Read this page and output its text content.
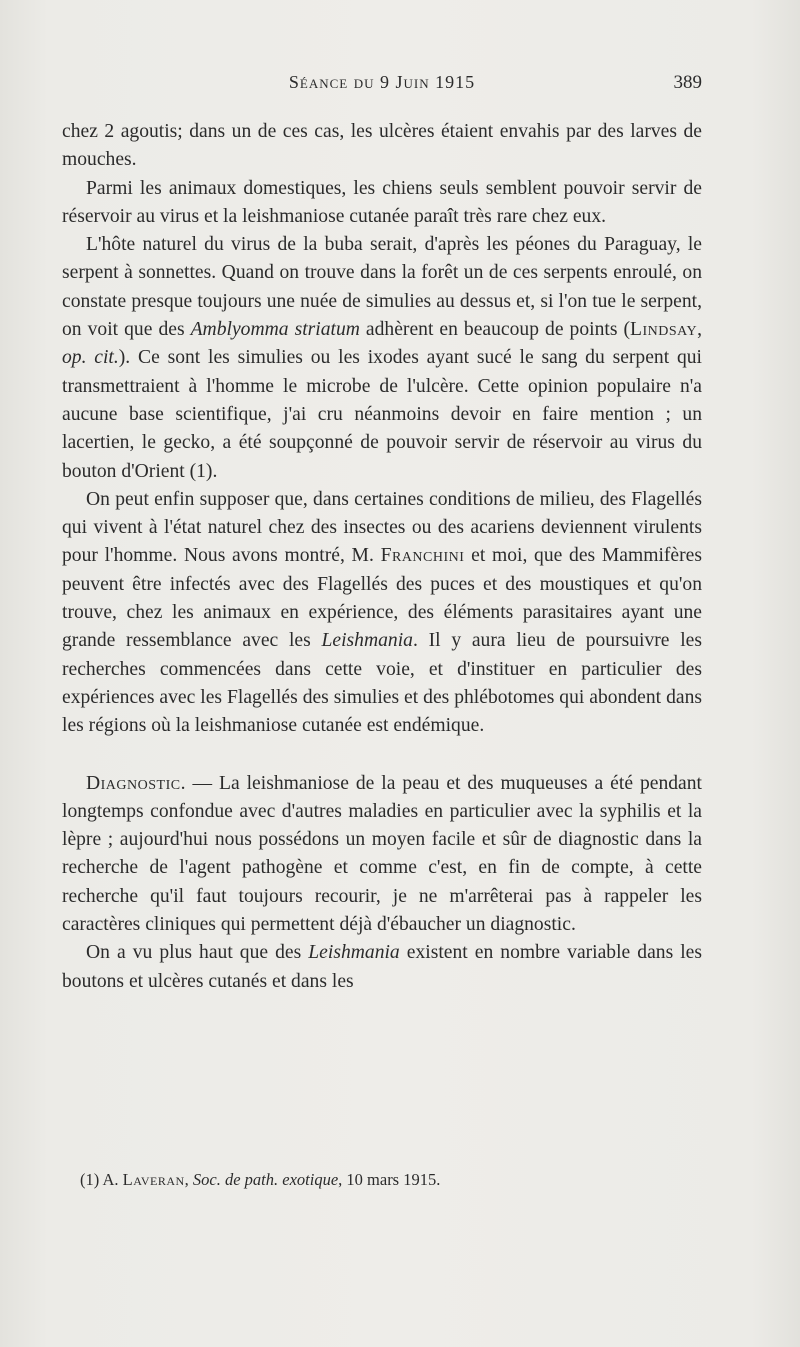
Séance du 9 Juin 1915	389

chez 2 agoutis; dans un de ces cas, les ulcères étaient envahis par des larves de mouches.

Parmi les animaux domestiques, les chiens seuls semblent pouvoir servir de réservoir au virus et la leishmaniose cutanée paraît très rare chez eux.

L'hôte naturel du virus de la buba serait, d'après les péones du Paraguay, le serpent à sonnettes. Quand on trouve dans la forêt un de ces serpents enroulé, on constate presque toujours une nuée de simulies au dessus et, si l'on tue le serpent, on voit que des Amblyomma striatum adhèrent en beaucoup de points (Lindsay, op. cit.). Ce sont les simulies ou les ixodes ayant sucé le sang du serpent qui transmettraient à l'homme le microbe de l'ulcère. Cette opinion populaire n'a aucune base scientifique, j'ai cru néanmoins devoir en faire mention ; un lacertien, le gecko, a été soupçonné de pouvoir servir de réservoir au virus du bouton d'Orient (1).

On peut enfin supposer que, dans certaines conditions de milieu, des Flagellés qui vivent à l'état naturel chez des insectes ou des acariens deviennent virulents pour l'homme. Nous avons montré, M. Franchini et moi, que des Mammifères peuvent être infectés avec des Flagellés des puces et des moustiques et qu'on trouve, chez les animaux en expérience, des éléments parasitaires ayant une grande ressemblance avec les Leishmania. Il y aura lieu de poursuivre les recherches commencées dans cette voie, et d'instituer en particulier des expériences avec les Flagellés des simulies et des phlébotomes qui abondent dans les régions où la leishmaniose cutanée est endémique.

Diagnostic. — La leishmaniose de la peau et des muqueuses a été pendant longtemps confondue avec d'autres maladies en particulier avec la syphilis et la lèpre ; aujourd'hui nous possédons un moyen facile et sûr de diagnostic dans la recherche de l'agent pathogène et comme c'est, en fin de compte, à cette recherche qu'il faut toujours recourir, je ne m'arrêterai pas à rappeler les caractères cliniques qui permettent déjà d'ébaucher un diagnostic.

On a vu plus haut que des Leishmania existent en nombre variable dans les boutons et ulcères cutanés et dans les

(1) A. Laveran, Soc. de path. exotique, 10 mars 1915.
